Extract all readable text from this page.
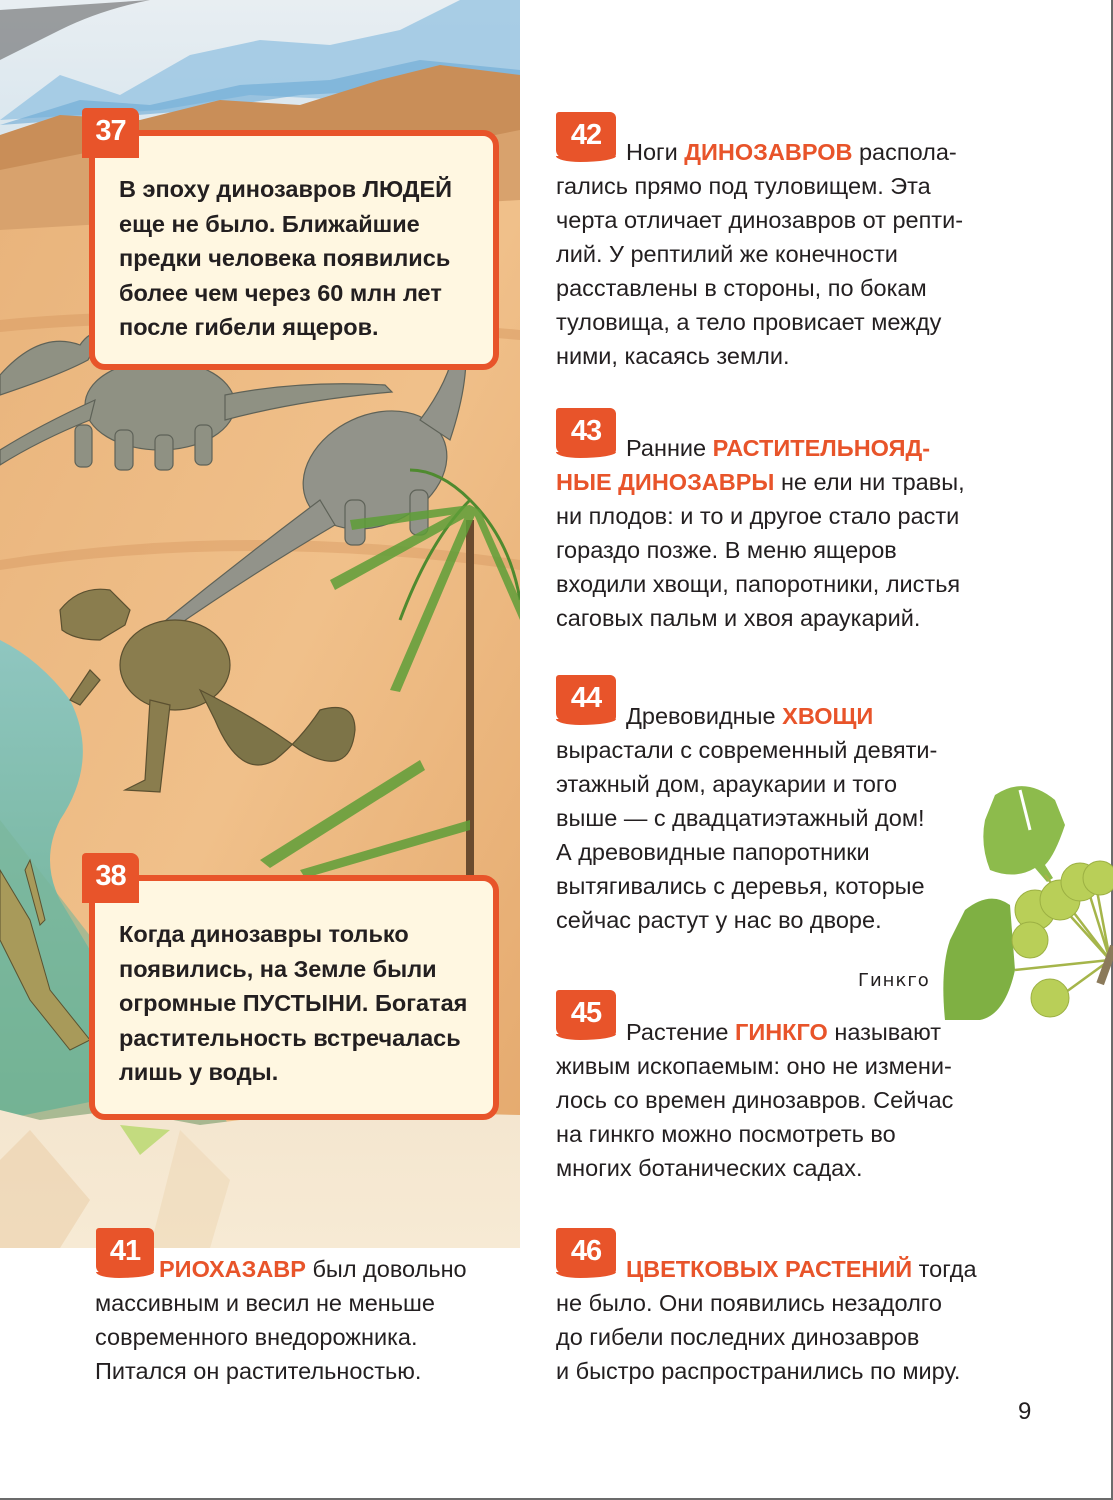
В эпоху динозавров ЛЮДЕЙ
еще не было. Ближайшие
предки человека появились
более чем через 60 млн лет
после гибели ящеров.
37
Когда динозавры только
появились, на Земле были
огромные ПУСТЫНИ. Богатая
растительность встречалась
лишь у воды.
38
41
РИОХАЗАВР был довольно
массивным и весил не меньше
современного внедорожника.
Питался он растительностью.
42
Ноги ДИНОЗАВРОВ распола-
гались прямо под туловищем. Эта
черта отличает динозавров от репти-
лий. У рептилий же конечности
расставлены в стороны, по бокам
туловища, а тело провисает между
ними, касаясь земли.
43
Ранние РАСТИТЕЛЬНОЯД-
НЫЕ ДИНОЗАВРЫ не ели ни травы,
ни плодов: и то и другое стало расти
гораздо позже. В меню ящеров
входили хвощи, папоротники, листья
саговых пальм и хвоя араукарий.
44
Древовидные ХВОЩИ
вырастали с современный девяти-
этажный дом, араукарии и того
выше — с двадцатиэтажный дом!
А древовидные папоротники
вытягивались с деревья, которые
сейчас растут у нас во дворе.
Гинкго
45
Растение ГИНКГО называют
живым ископаемым: оно не измени-
лось со времен динозавров. Сейчас
на гинкго можно посмотреть во
многих ботанических садах.
46
ЦВЕТКОВЫХ РАСТЕНИЙ тогда
не было. Они появились незадолго
до гибели последних динозавров
и быстро распространились по миру.
9
